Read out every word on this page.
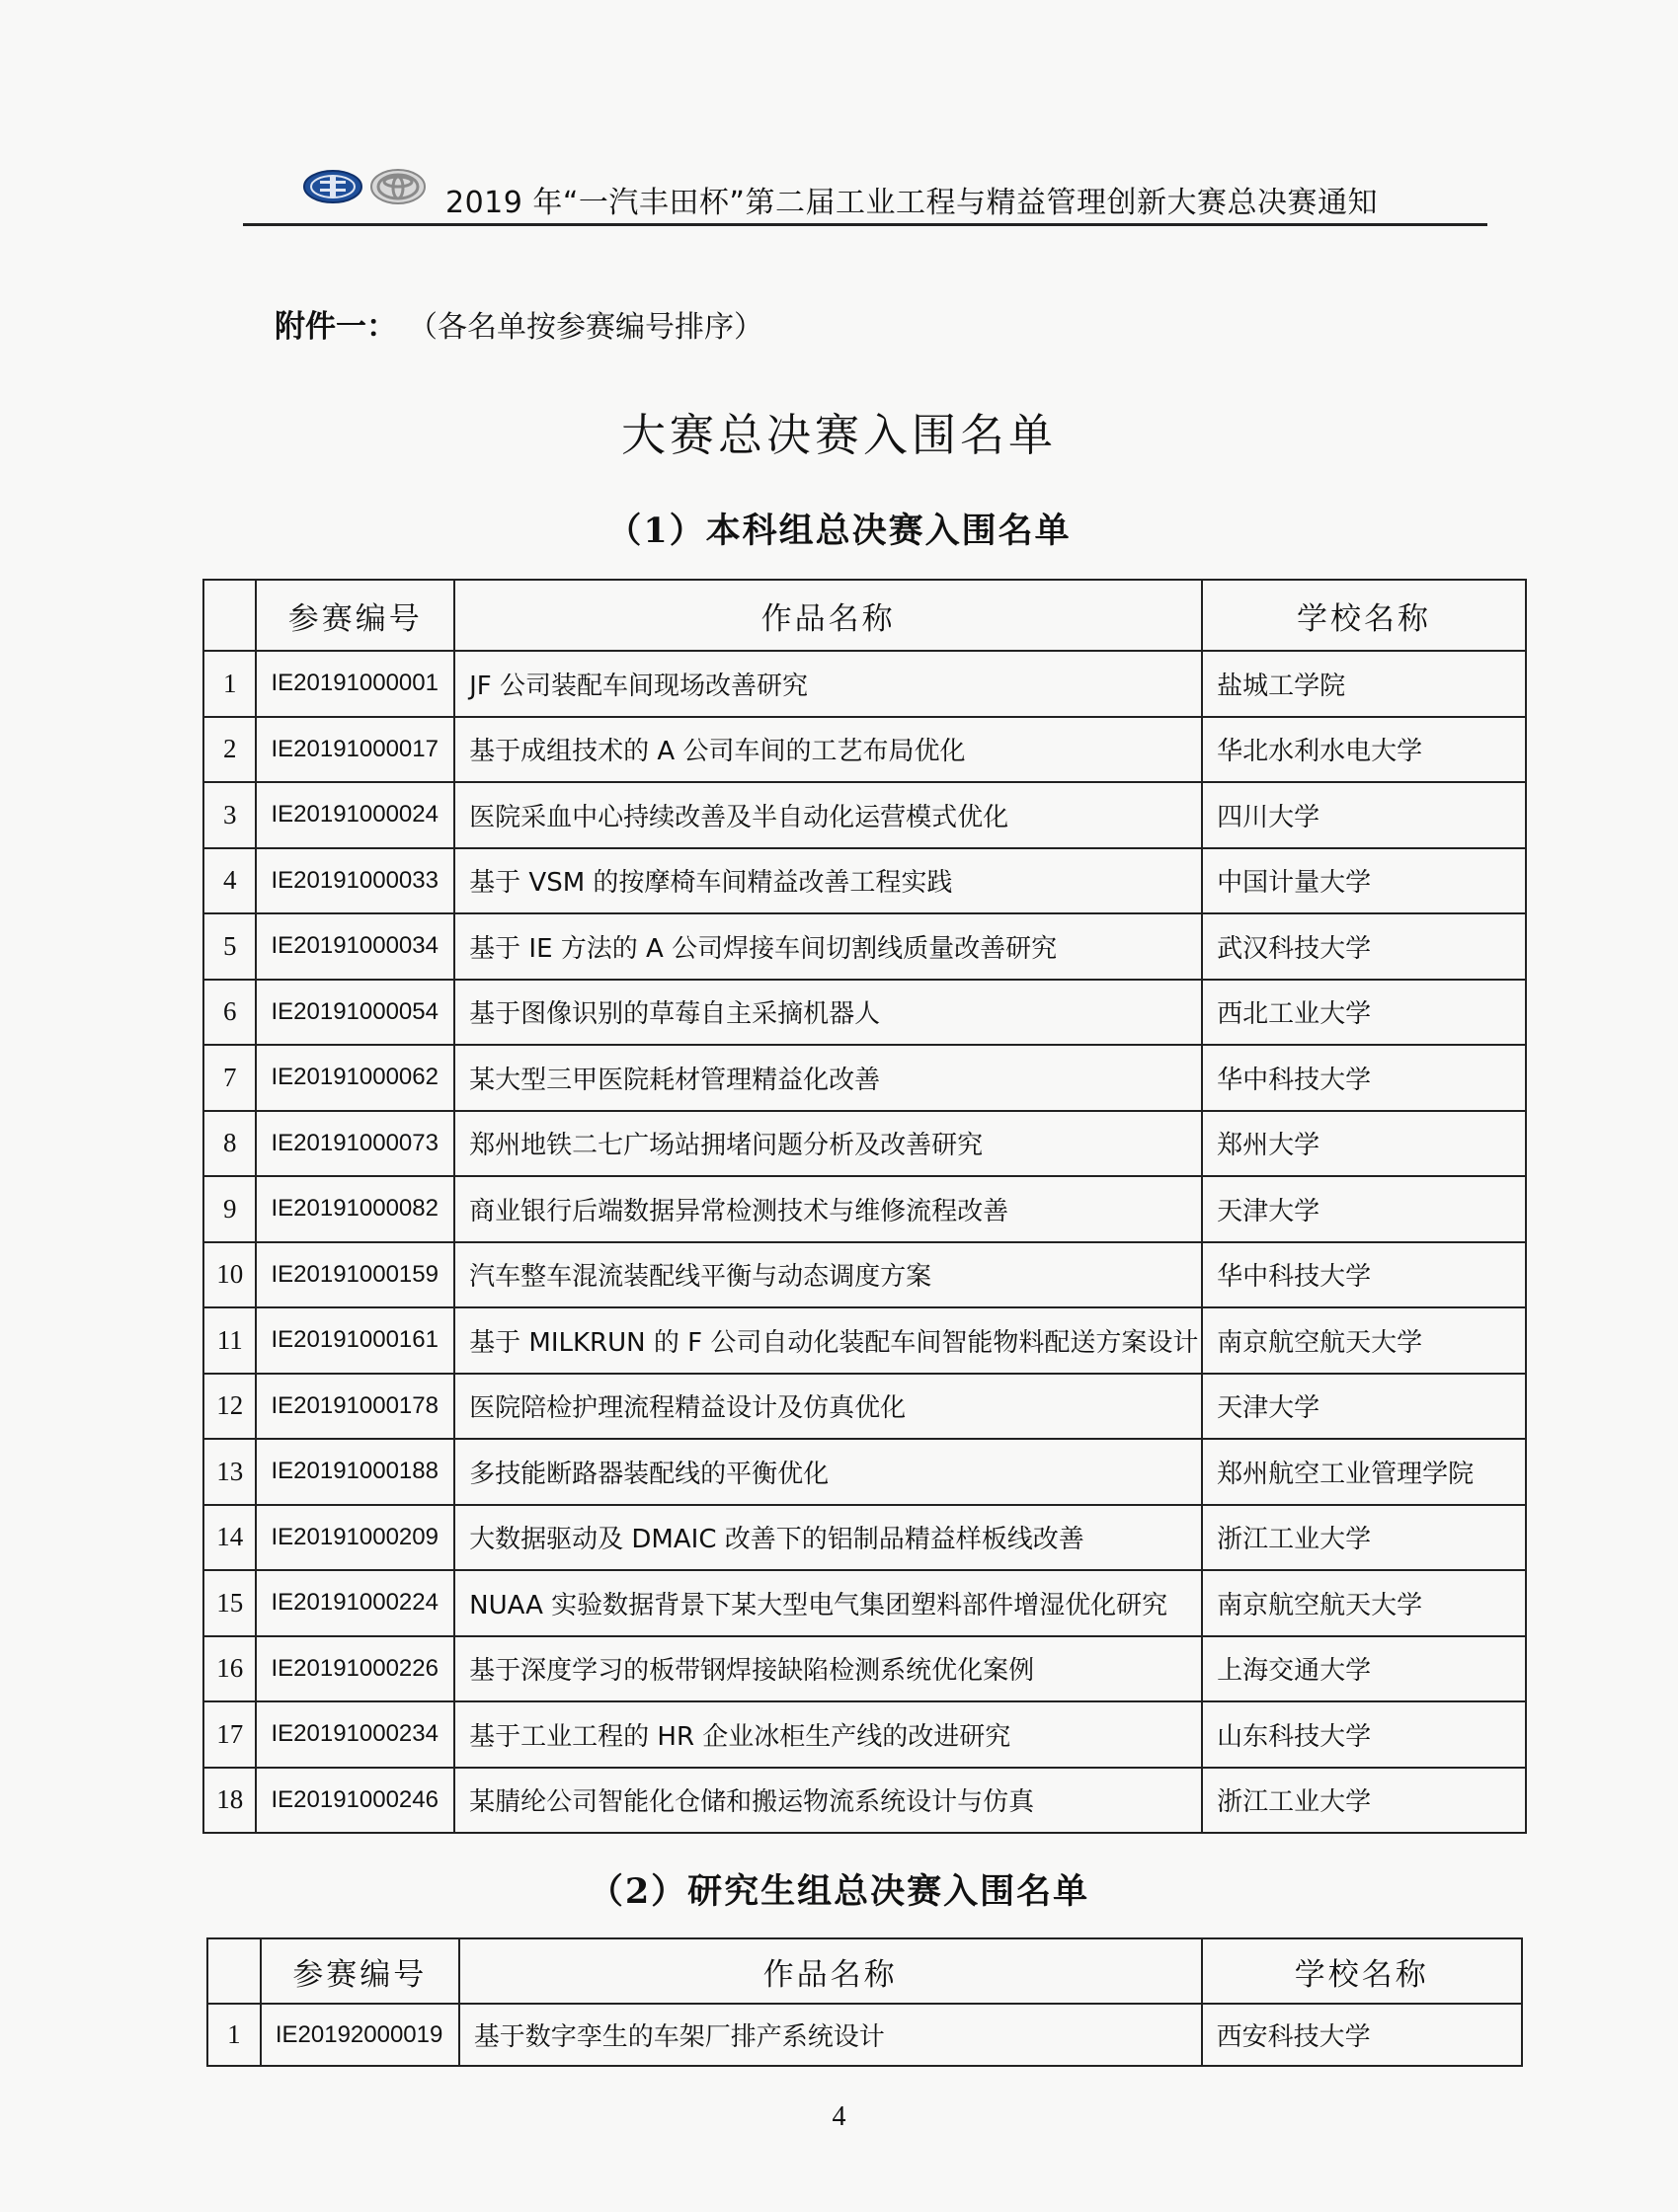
2019 年“一汽丰田杯”第二届工业工程与精益管理创新大赛总决赛通知
附件一： （各名单按参赛编号排序）
大赛总决赛入围名单
（1）本科组总决赛入围名单
	参赛编号	作品名称	学校名称
1	IE20191000001	JF 公司装配车间现场改善研究	盐城工学院
2	IE20191000017	基于成组技术的 A 公司车间的工艺布局优化	华北水利水电大学
3	IE20191000024	医院采血中心持续改善及半自动化运营模式优化	四川大学
4	IE20191000033	基于 VSM 的按摩椅车间精益改善工程实践	中国计量大学
5	IE20191000034	基于 IE 方法的 A 公司焊接车间切割线质量改善研究	武汉科技大学
6	IE20191000054	基于图像识别的草莓自主采摘机器人	西北工业大学
7	IE20191000062	某大型三甲医院耗材管理精益化改善	华中科技大学
8	IE20191000073	郑州地铁二七广场站拥堵问题分析及改善研究	郑州大学
9	IE20191000082	商业银行后端数据异常检测技术与维修流程改善	天津大学
10	IE20191000159	汽车整车混流装配线平衡与动态调度方案	华中科技大学
11	IE20191000161	基于 MILKRUN 的 F 公司自动化装配车间智能物料配送方案设计	南京航空航天大学
12	IE20191000178	医院陪检护理流程精益设计及仿真优化	天津大学
13	IE20191000188	多技能断路器装配线的平衡优化	郑州航空工业管理学院
14	IE20191000209	大数据驱动及 DMAIC 改善下的铝制品精益样板线改善	浙江工业大学
15	IE20191000224	NUAA 实验数据背景下某大型电气集团塑料部件增湿优化研究	南京航空航天大学
16	IE20191000226	基于深度学习的板带钢焊接缺陷检测系统优化案例	上海交通大学
17	IE20191000234	基于工业工程的 HR 企业冰柜生产线的改进研究	山东科技大学
18	IE20191000246	某腈纶公司智能化仓储和搬运物流系统设计与仿真	浙江工业大学
（2）研究生组总决赛入围名单
	参赛编号	作品名称	学校名称
1	IE20192000019	基于数字孪生的车架厂排产系统设计	西安科技大学
4
